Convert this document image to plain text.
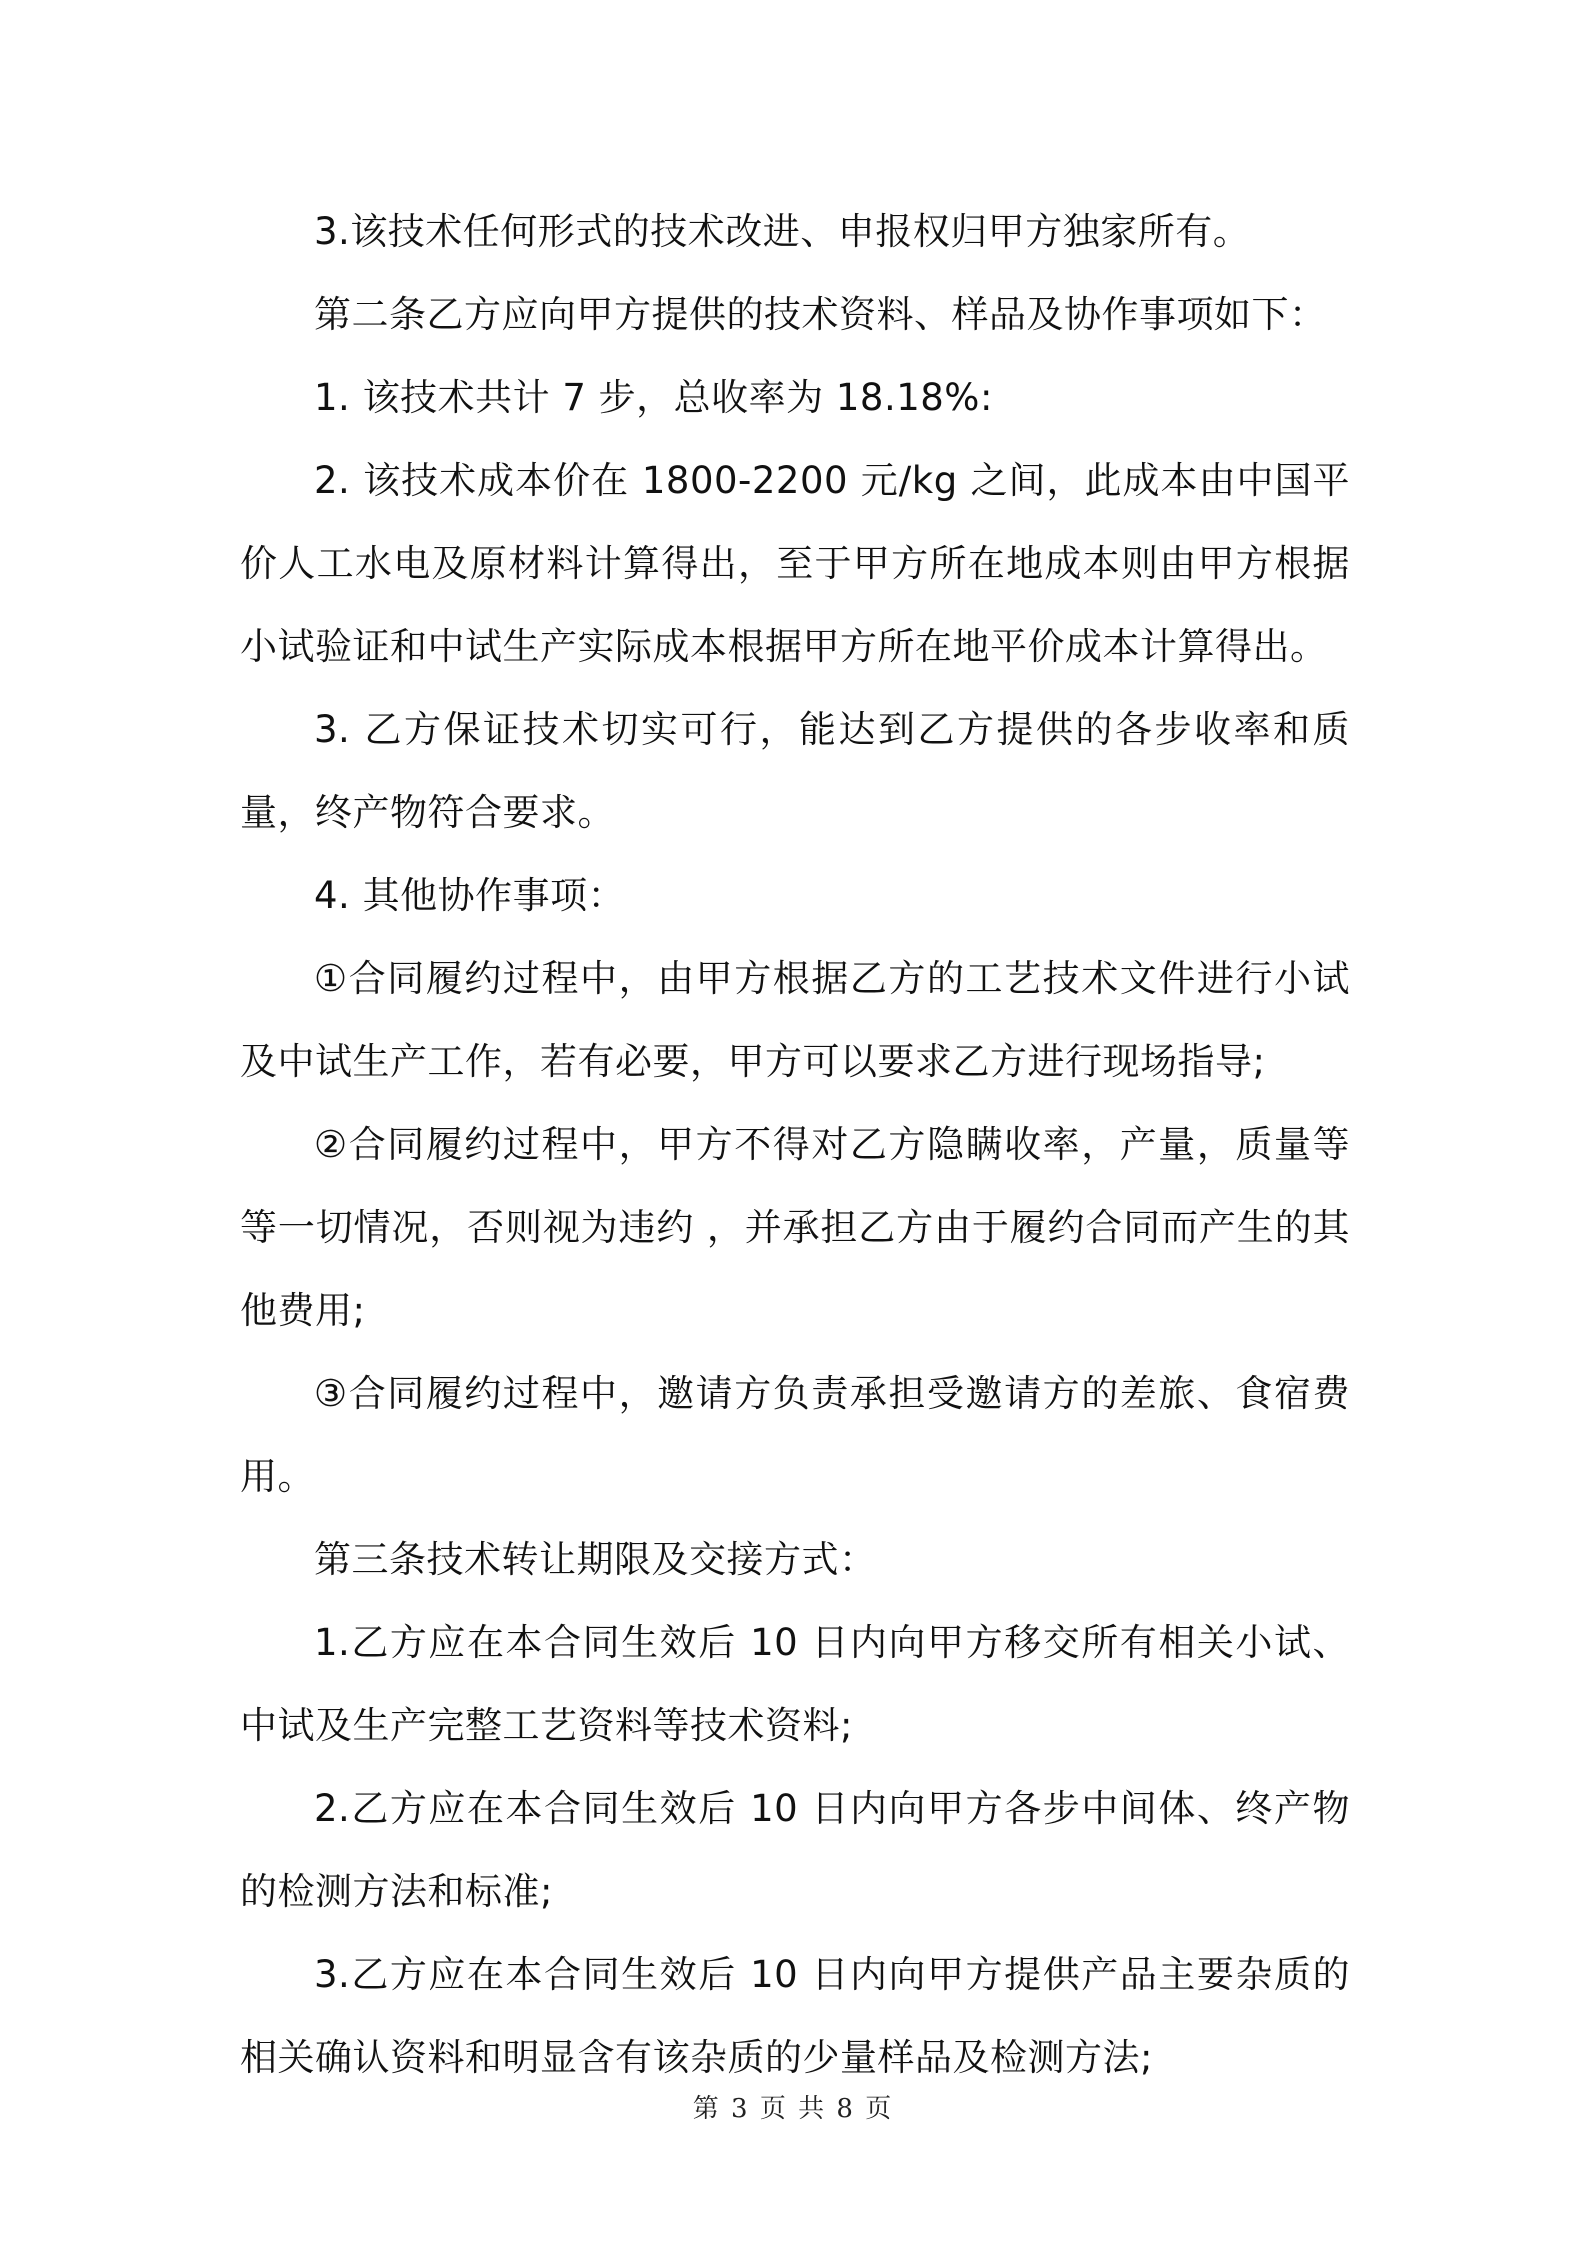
3.该技术任何形式的技术改进、申报权归甲方独家所有。

第二条乙方应向甲方提供的技术资料、样品及协作事项如下：

1. 该技术共计 7 步，总收率为 18.18%:

2. 该技术成本价在 1800-2200 元/kg 之间，此成本由中国平价人工水电及原材料计算得出，至于甲方所在地成本则由甲方根据小试验证和中试生产实际成本根据甲方所在地平价成本计算得出。

3. 乙方保证技术切实可行，能达到乙方提供的各步收率和质量，终产物符合要求。

4. 其他协作事项：

①合同履约过程中，由甲方根据乙方的工艺技术文件进行小试及中试生产工作，若有必要，甲方可以要求乙方进行现场指导;

②合同履约过程中，甲方不得对乙方隐瞒收率，产量，质量等等一切情况，否则视为违约 ，并承担乙方由于履约合同而产生的其他费用;

③合同履约过程中，邀请方负责承担受邀请方的差旅、食宿费用。

第三条技术转让期限及交接方式：

1.乙方应在本合同生效后 10 日内向甲方移交所有相关小试、中试及生产完整工艺资料等技术资料;

2.乙方应在本合同生效后 10 日内向甲方各步中间体、终产物的检测方法和标准;

3.乙方应在本合同生效后 10 日内向甲方提供产品主要杂质的相关确认资料和明显含有该杂质的少量样品及检测方法;

第 3 页 共 8 页
